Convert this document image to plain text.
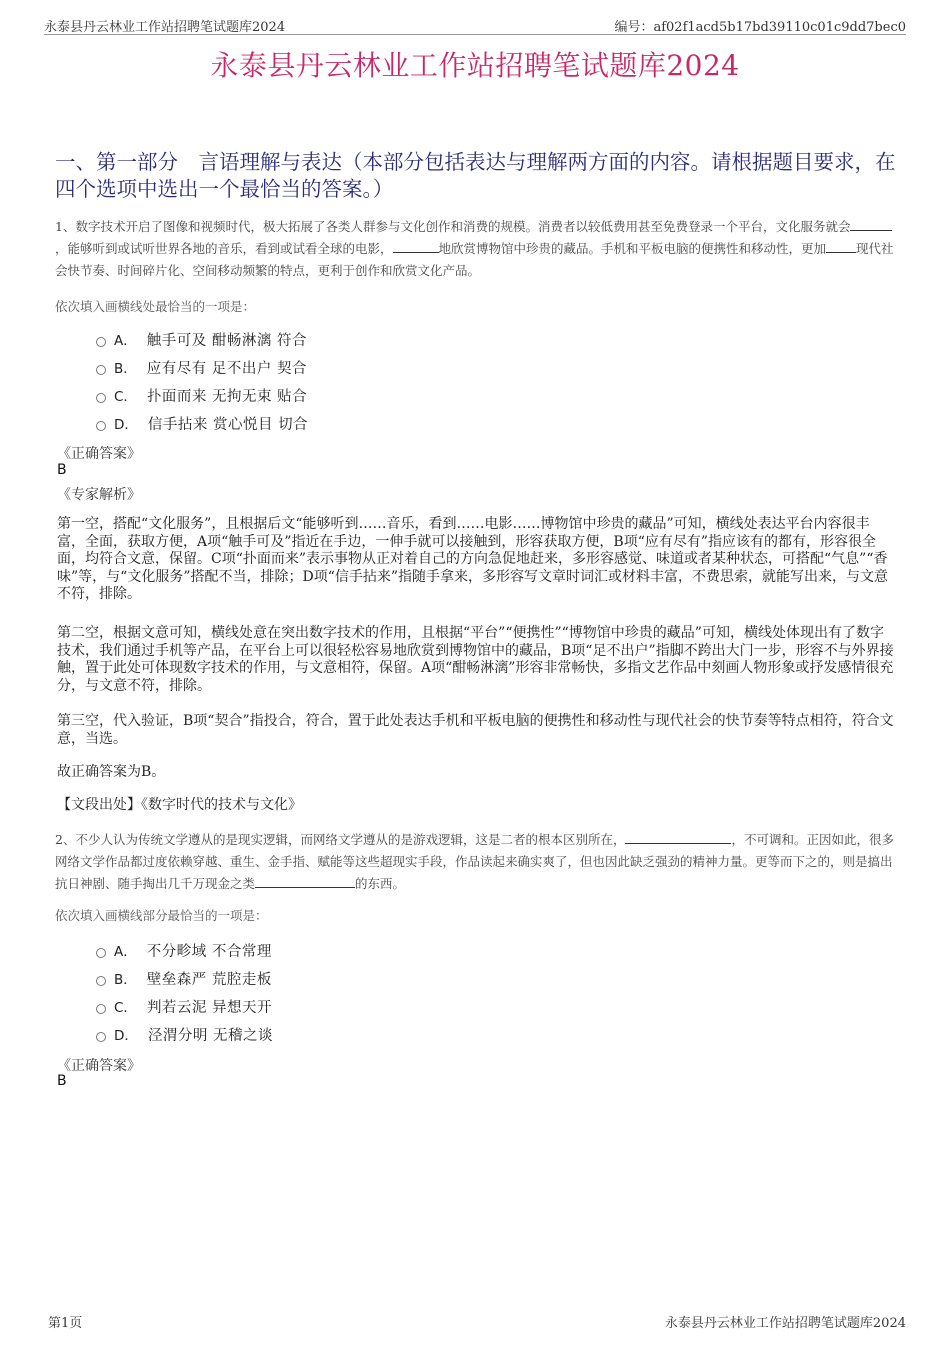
永泰县丹云林业工作站招聘笔试题库2024	编号：af02f1acd5b17bd39110c01c9dd7bec0
永泰县丹云林业工作站招聘笔试题库2024
一、第一部分　言语理解与表达（本部分包括表达与理解两方面的内容。请根据题目要求，在四个选项中选出一个最恰当的答案。）
1、数字技术开启了图像和视频时代，极大拓展了各类人群参与文化创作和消费的规模。消费者以较低费用甚至免费登录一个平台，文化服务就会，能够听到或试听世界各地的音乐，看到或试看全球的电影，	地欣赏博物馆中珍贵的藏品。手机和平板电脑的便携性和移动性，更加 现代社会快节奏、时间碎片化、空间移动频繁的特点，更利于创作和欣赏文化产品。
依次填入画横线处最恰当的一项是：
A． 触手可及 酣畅淋漓 符合
B． 应有尽有 足不出户 契合
C． 扑面而来 无拘无束 贴合
D． 信手拈来 赏心悦目 切合
《正确答案》
B
《专家解析》
第一空，搭配“文化服务”，且根据后文“能够听到……音乐，看到……电影……博物馆中珍贵的藏品”可知，横线处表达平台内容很丰富，全面，获取方便，A项“触手可及”指近在手边，一伸手就可以接触到，形容获取方便，B项“应有尽有”指应该有的都有，形容很全面，均符合文意，保留。C项“扑面而来”表示事物从正对着自己的方向急促地赶来，多形容感觉、味道或者某种状态，可搭配“气息”“香味”等，与“文化服务”搭配不当，排除；D项“信手拈来”指随手拿来，多形容写文章时词汇或材料丰富，不费思索，就能写出来，与文意不符，排除。
第二空，根据文意可知，横线处意在突出数字技术的作用，且根据“平台”“便携性”“博物馆中珍贵的藏品”可知，横线处体现出有了数字技术，我们通过手机等产品，在平台上可以很轻松容易地欣赏到博物馆中的藏品，B项“足不出户”指脚不跨出大门一步，形容不与外界接触，置于此处可体现数字技术的作用，与文意相符，保留。A项“酣畅淋漓”形容非常畅快，多指文艺作品中刻画人物形象或抒发感情很充分，与文意不符，排除。
第三空，代入验证，B项“契合”指投合，符合，置于此处表达手机和平板电脑的便携性和移动性与现代社会的快节奏等特点相符，符合文意，当选。
故正确答案为B。
【文段出处】《数字时代的技术与文化》
2、不少人认为传统文学遵从的是现实逻辑，而网络文学遵从的是游戏逻辑，这是二者的根本区别所在，	，不可调和。正因如此，很多网络文学作品都过度依赖穿越、重生、金手指、赋能等这些超现实手段，作品读起来确实爽了，但也因此缺乏强劲的精神力量。更等而下之的，则是搞出抗日神剧、随手掏出几千万现金之类	的东西。
依次填入画横线部分最恰当的一项是：
A． 不分畛域 不合常理
B． 壁垒森严 荒腔走板
C． 判若云泥 异想天开
D． 泾渭分明 无稽之谈
《正确答案》
B
第1页	永泰县丹云林业工作站招聘笔试题库2024
